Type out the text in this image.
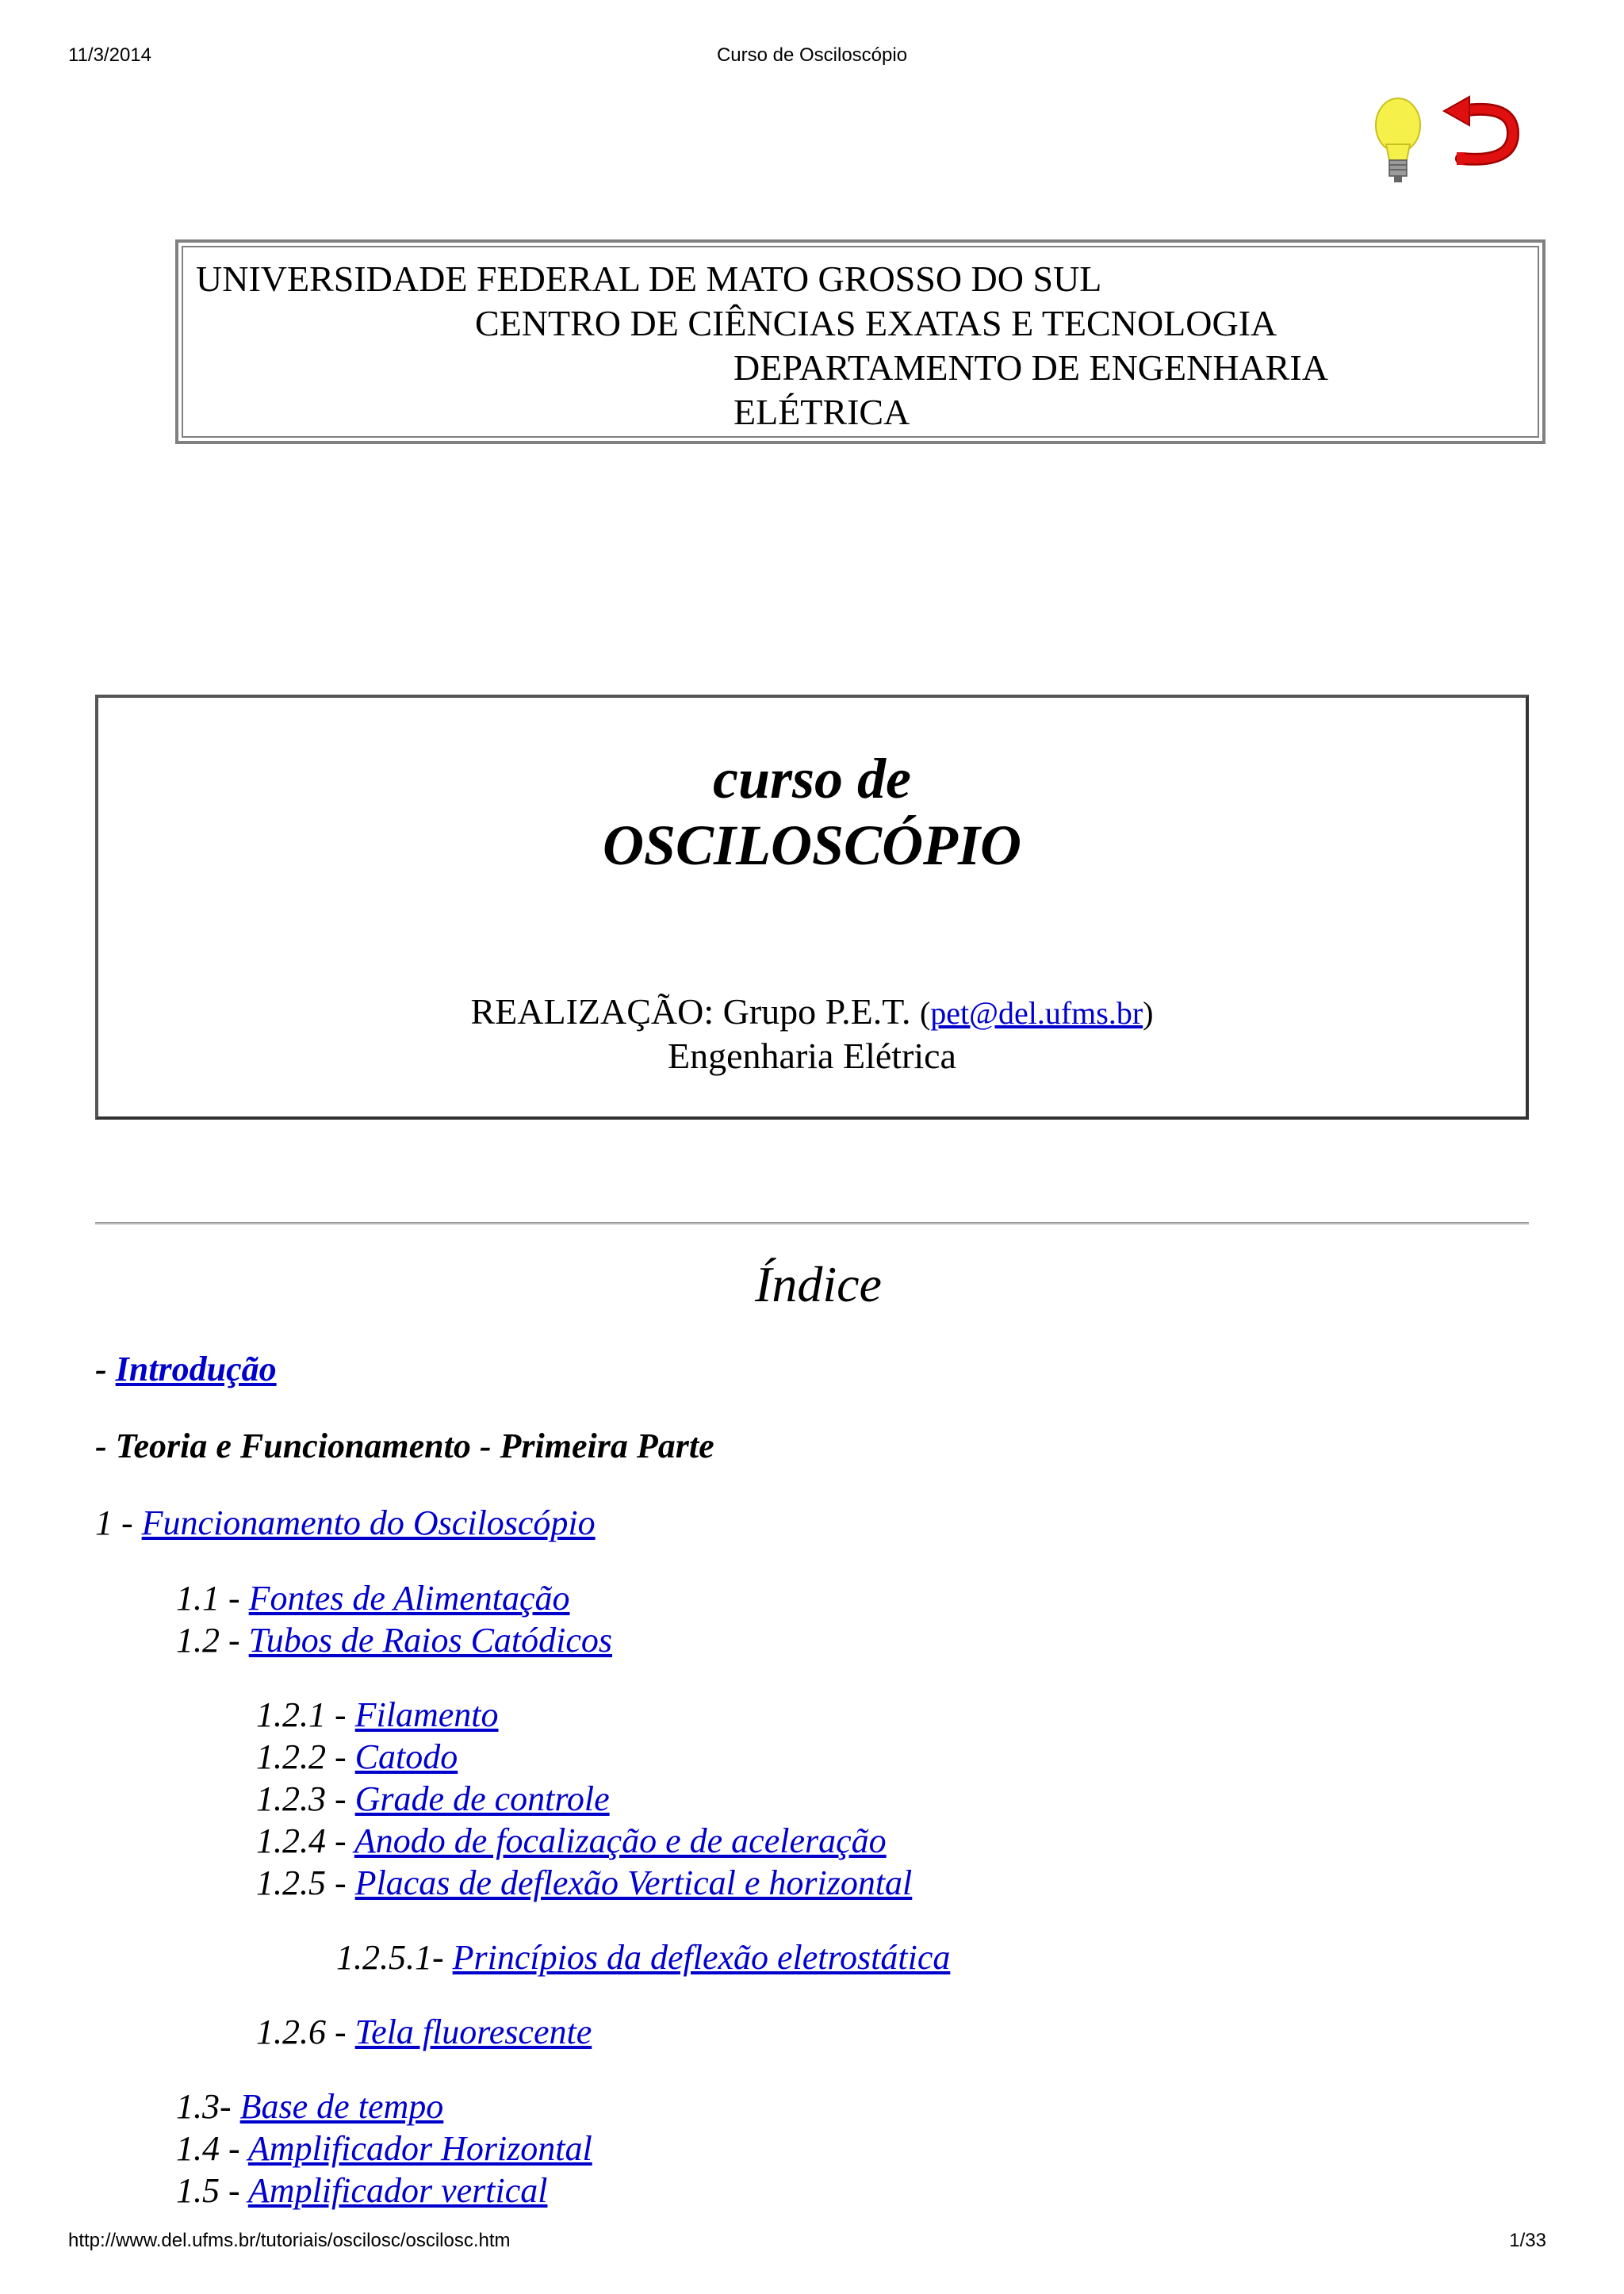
11/3/2014	Curso de Osciloscópio
UNIVERSIDADE FEDERAL DE MATO GROSSO DO SUL
CENTRO DE CIÊNCIAS EXATAS E TECNOLOGIA
DEPARTAMENTO DE ENGENHARIA
ELÉTRICA
curso de
OSCILOSCÓPIO
REALIZAÇÃO: Grupo P.E.T. (pet@del.ufms.br)
Engenharia Elétrica
Índice
- Introdução
- Teoria e Funcionamento - Primeira Parte
1 - Funcionamento do Osciloscópio
1.1 - Fontes de Alimentação
1.2 - Tubos de Raios Catódicos
1.2.1 - Filamento
1.2.2 - Catodo
1.2.3 - Grade de controle
1.2.4 - Anodo de focalização e de aceleração
1.2.5 - Placas de deflexão Vertical e horizontal
1.2.5.1- Princípios da deflexão eletrostática
1.2.6 - Tela fluorescente
1.3- Base de tempo
1.4 - Amplificador Horizontal
1.5 - Amplificador vertical
http://www.del.ufms.br/tutoriais/oscilosc/oscilosc.htm	1/33
